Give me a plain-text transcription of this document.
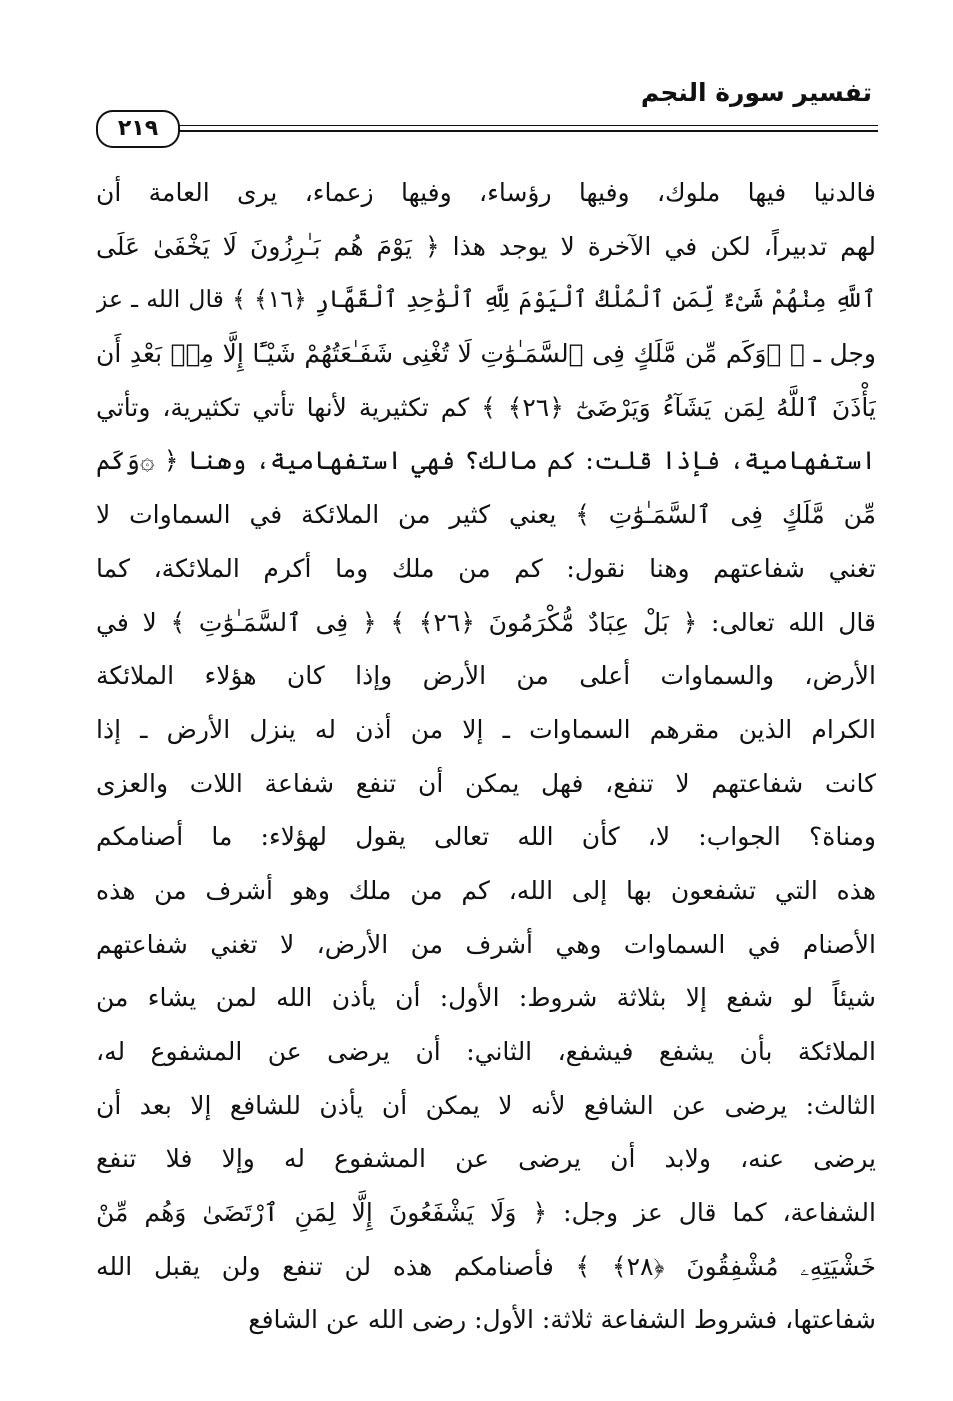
تفسير سورة النجم
٢١٩
فالدنيا فيها ملوك، وفيها رؤساء، وفيها زعماء، يرى العامة أن
لهم تدبيراً، لكن في الآخرة لا يوجد هذا ﴿ يَوْمَ هُم بَـٰرِزُونَ لَا يَخْفَىٰ عَلَى
ٱللَّهِ مِنْهُمْ شَىْءٌ لِّمَنِ ٱلْمُلْكُ ٱلْيَوْمَ لِلَّهِ ٱلْوَٰحِدِ ٱلْقَهَّارِ ﴿١٦﴾ ﴾ قال الله ـ عز
وجل ـ ﴿ ۞وَكَم مِّن مَّلَكٍ فِى ٱلسَّمَـٰوَٰتِ لَا تُغْنِى شَفَـٰعَتُهُمْ شَيْـًٔا إِلَّا مِنۢ بَعْدِ أَن
يَأْذَنَ ٱللَّهُ لِمَن يَشَآءُ وَيَرْضَىٰٓ ﴿٢٦﴾ ﴾ كم تكثيرية لأنها تأتي تكثيرية، وتأتي
استفهامية، فإذا قلت: كم مالك؟ فهي استفهامية، وهنا ﴿ ۞وَكَم
مِّن مَّلَكٍ فِى ٱلسَّمَـٰوَٰتِ ﴾ يعني كثير من الملائكة في السماوات لا
تغني شفاعتهم وهنا نقول: كم من ملك وما أكرم الملائكة، كما
قال الله تعالى: ﴿ بَلْ عِبَادٌ مُّكْرَمُونَ ﴿٢٦﴾ ﴾ ﴿ فِى ٱلسَّمَـٰوَٰتِ ﴾ لا في
الأرض، والسماوات أعلى من الأرض وإذا كان هؤلاء الملائكة
الكرام الذين مقرهم السماوات ـ إلا من أذن له ينزل الأرض ـ إذا
كانت شفاعتهم لا تنفع، فهل يمكن أن تنفع شفاعة اللات والعزى
ومناة؟ الجواب: لا، كأن الله تعالى يقول لهؤلاء: ما أصنامكم
هذه التي تشفعون بها إلى الله، كم من ملك وهو أشرف من هذه
الأصنام في السماوات وهي أشرف من الأرض، لا تغني شفاعتهم
شيئاً لو شفع إلا بثلاثة شروط: الأول: أن يأذن الله لمن يشاء من
الملائكة بأن يشفع فيشفع، الثاني: أن يرضى عن المشفوع له،
الثالث: يرضى عن الشافع لأنه لا يمكن أن يأذن للشافع إلا بعد أن
يرضى عنه، ولابد أن يرضى عن المشفوع له وإلا فلا تنفع
الشفاعة، كما قال عز وجل: ﴿ وَلَا يَشْفَعُونَ إِلَّا لِمَنِ ٱرْتَضَىٰ وَهُم مِّنْ
خَشْيَتِهِۦ مُشْفِقُونَ ﴿٢٨﴾ ﴾ فأصنامكم هذه لن تنفع ولن يقبل الله
شفاعتها، فشروط الشفاعة ثلاثة: الأول: رضى الله عن الشافع
